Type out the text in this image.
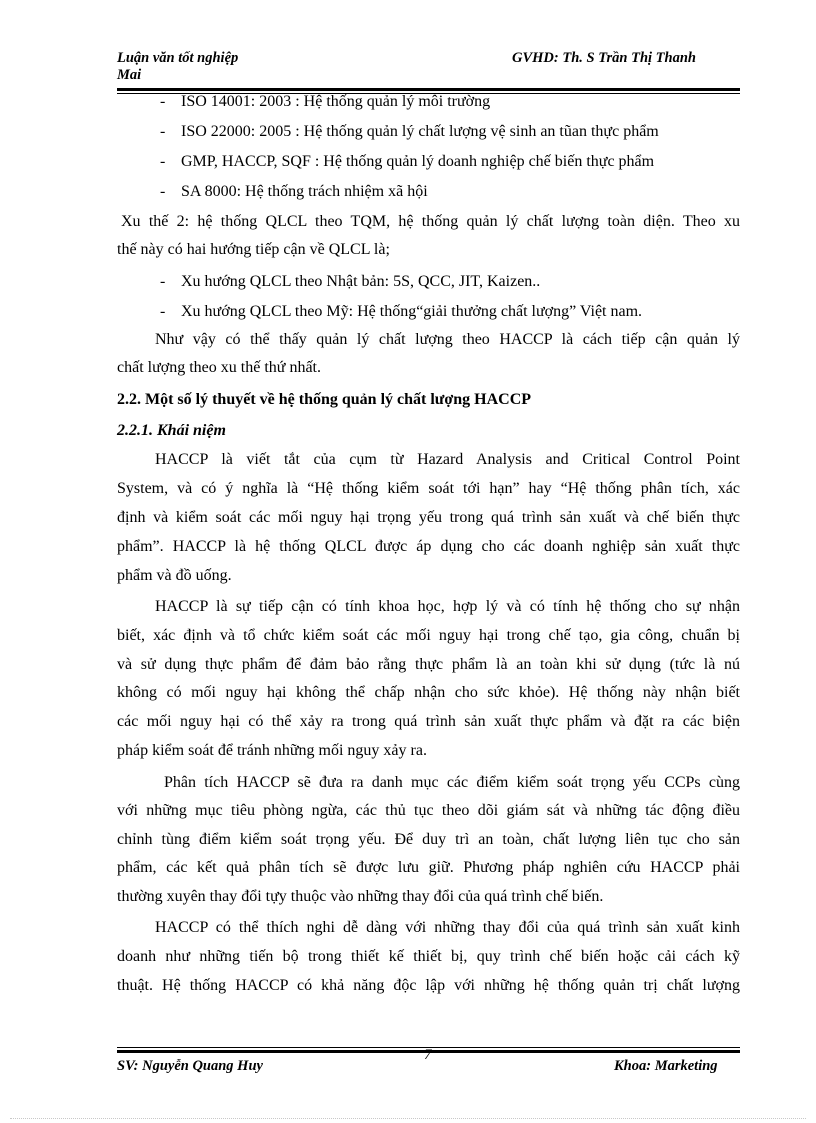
Luận văn tốt nghiệp	GVHD: Th. S Trần Thị Thanh
Mai
- ISO 14001: 2003 : Hệ thống quản lý môi trường
- ISO 22000: 2005 : Hệ thống quản lý chất lượng vệ sinh an tũan thực phẩm
- GMP, HACCP, SQF : Hệ thống quản lý doanh nghiệp chế biến thực phẩm
- SA 8000: Hệ thống trách nhiệm xã hội
Xu thế 2: hệ thống QLCL theo TQM, hệ thống quản lý chất lượng toàn diện. Theo xu
thế này có hai hướng tiếp cận về QLCL là;
- Xu hướng QLCL theo Nhật bản: 5S, QCC, JIT, Kaizen..
- Xu hướng QLCL theo Mỹ: Hệ thống“giải thưởng chất lượng” Việt nam.
Như vậy có thể thấy quản lý chất lượng theo HACCP là cách tiếp cận quản lý
chất lượng theo xu thế thứ nhất.
2.2. Một số lý thuyết về hệ thống quản lý chất lượng HACCP
2.2.1. Khái niệm
HACCP là viết tắt của cụm từ Hazard Analysis and Critical Control Point
System, và có ý nghĩa là “Hệ thống kiểm soát tới hạn” hay “Hệ thống phân tích, xác
định và kiểm soát các mối nguy hại trọng yếu trong quá trình sản xuất và chế biến thực
phẩm”. HACCP là hệ thống QLCL được áp dụng cho các doanh nghiệp sản xuất thực
phẩm và đồ uống.
HACCP là sự tiếp cận có tính khoa học, hợp lý và có tính hệ thống cho sự nhận
biết, xác định và tổ chức kiểm soát các mối nguy hại trong chế tạo, gia công, chuẩn bị
và sử dụng thực phẩm để đảm bảo rằng thực phẩm là an toàn khi sử dụng (tức là nú
không có mối nguy hại không thể chấp nhận cho sức khỏe). Hệ thống này nhận biết
các mối nguy hại có thể xảy ra trong quá trình sản xuất thực phẩm và đặt ra các biện
pháp kiểm soát để tránh những mối nguy xảy ra.
Phân tích HACCP sẽ đưa ra danh mục các điểm kiểm soát trọng yếu CCPs cùng
với những mục tiêu phòng ngừa, các thủ tục theo dõi giám sát và những tác động điều
chỉnh tùng điểm kiểm soát trọng yếu. Để duy trì an toàn, chất lượng liên tục cho sản
phẩm, các kết quả phân tích sẽ được lưu giữ. Phương pháp nghiên cứu HACCP phải
thường xuyên thay đổi tựy thuộc vào những thay đổi của quá trình chế biến.
HACCP có thể thích nghi dễ dàng với những thay đổi của quá trình sản xuất kinh
doanh như những tiến bộ trong thiết kế thiết bị, quy trình chế biến hoặc cải cách kỹ
thuật. Hệ thống HACCP có khả năng độc lập với những hệ thống quản trị chất lượng
7
SV: Nguyễn Quang Huy	Khoa: Marketing
